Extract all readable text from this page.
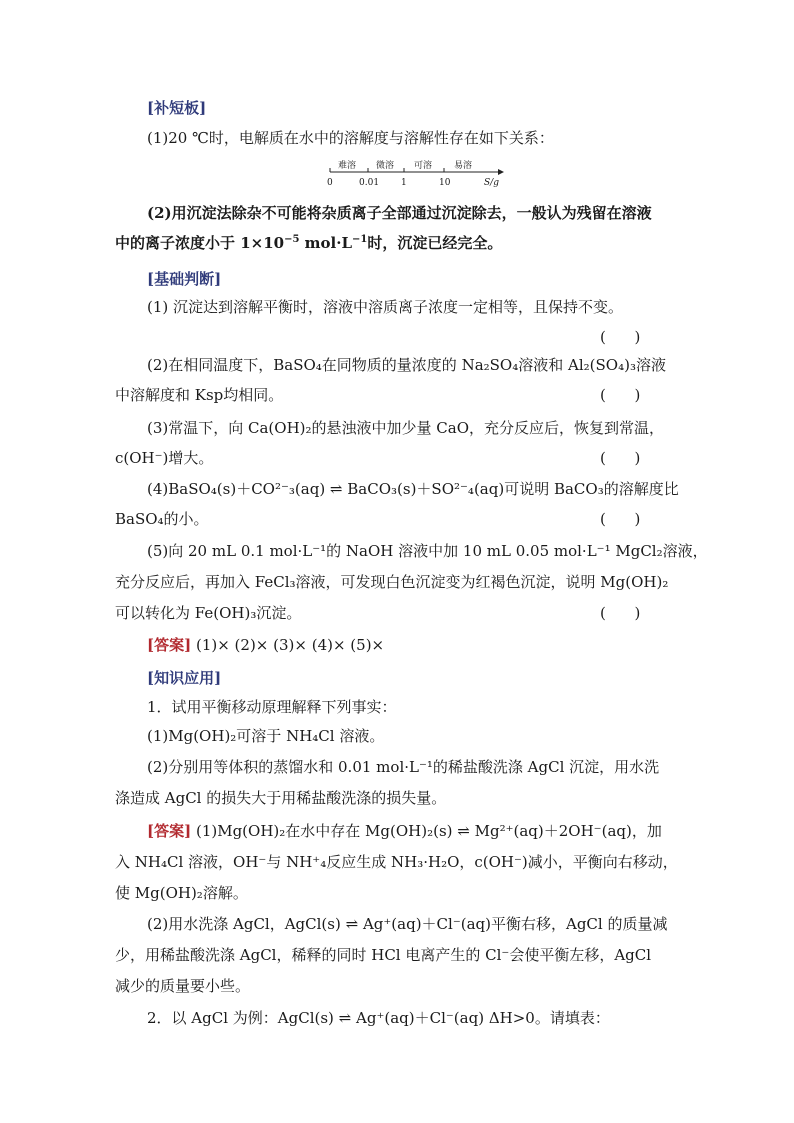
[补短板]
(1)20 ℃时，电解质在水中的溶解度与溶解性存在如下关系：
难溶 微溶 可溶 易溶
0	0.01 1	10	S/g
(2)用沉淀法除杂不可能将杂质离子全部通过沉淀除去，一般认为残留在溶液
中的离子浓度小于 $1\times 10^{-5}$ $mol\cdot L^{-1}$时，沉淀已经完全。
[基础判断]
(1) 沉淀达到溶解平衡时，溶液中溶质离子浓度一定相等，且保持不变。
(      )
(2)在相同温度下，BaSO₄在同物质的量浓度的 Na₂SO₄溶液和 Al₂(SO₄)₃溶液
中溶解度和 Ksp均相同。	(      )
(3)常温下，向 Ca(OH)₂的悬浊液中加少量 CaO，充分反应后，恢复到常温，
c(OH⁻)增大。	(      )
(4)BaSO₄(s)＋CO²⁻₃(aq) ⇌ BaCO₃(s)＋SO²⁻₄(aq)可说明 BaCO₃的溶解度比
BaSO₄的小。	(      )
(5)向 20 mL 0.1 mol·L⁻¹的 NaOH 溶液中加 10 mL 0.05 mol·L⁻¹ MgCl₂溶液，
充分反应后，再加入 FeCl₃溶液，可发现白色沉淀变为红褐色沉淀，说明 Mg(OH)₂
可以转化为 Fe(OH)₃沉淀。	(      )
[答案] (1)× (2)× (3)× (4)× (5)×
[知识应用]
1．试用平衡移动原理解释下列事实：
(1)Mg(OH)₂可溶于 NH₄Cl 溶液。
(2)分别用等体积的蒸馏水和 0.01 mol·L⁻¹的稀盐酸洗涤 AgCl 沉淀，用水洗
涤造成 AgCl 的损失大于用稀盐酸洗涤的损失量。
[答案] (1)Mg(OH)₂在水中存在 Mg(OH)₂(s) ⇌ Mg²⁺(aq)＋2OH⁻(aq)，加
入 NH₄Cl 溶液，OH⁻与 NH⁺₄反应生成 NH₃·H₂O，c(OH⁻)减小，平衡向右移动，
使 Mg(OH)₂溶解。
(2)用水洗涤 AgCl，AgCl(s) ⇌ Ag⁺(aq)＋Cl⁻(aq)平衡右移，AgCl 的质量减
少，用稀盐酸洗涤 AgCl，稀释的同时 HCl 电离产生的 Cl⁻会使平衡左移，AgCl
减少的质量要小些。
2．以 AgCl 为例：AgCl(s) ⇌ Ag⁺(aq)＋Cl⁻(aq) ΔH>0。请填表：
